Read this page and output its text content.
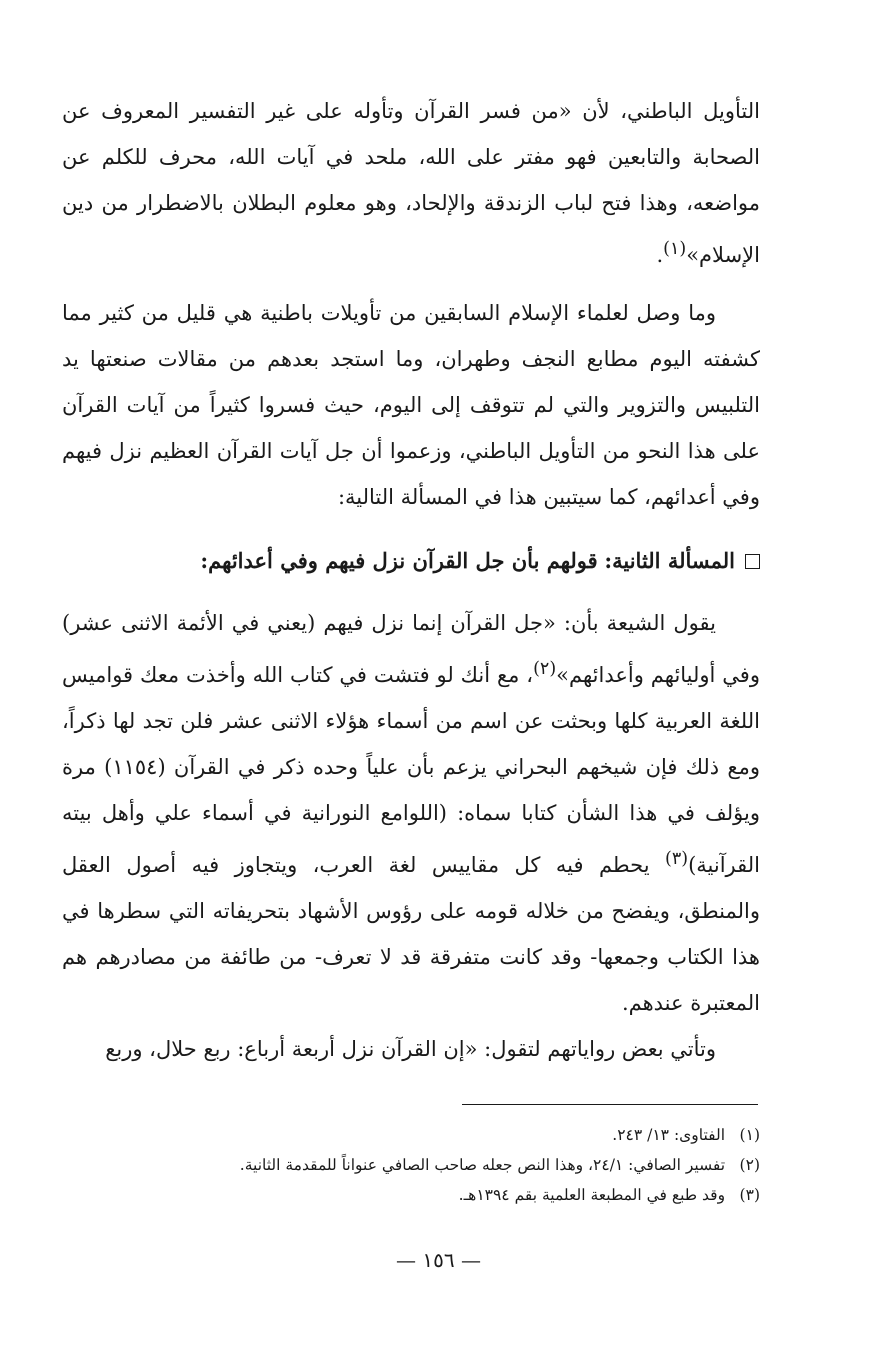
التأويل الباطني، لأن «من فسر القرآن وتأوله على غير التفسير المعروف عن الصحابة والتابعين فهو مفتر على الله، ملحد في آيات الله، محرف للكلم عن مواضعه، وهذا فتح لباب الزندقة والإلحاد، وهو معلوم البطلان بالاضطرار من دين الإسلام»$^{(١)}$.

وما وصل لعلماء الإسلام السابقين من تأويلات باطنية هي قليل من كثير مما كشفته اليوم مطابع النجف وطهران، وما استجد بعدهم من مقالات صنعتها يد التلبيس والتزوير والتي لم تتوقف إلى اليوم، حيث فسروا كثيراً من آيات القرآن على هذا النحو من التأويل الباطني، وزعموا أن جل آيات القرآن العظيم نزل فيهم وفي أعدائهم، كما سيتبين هذا في المسألة التالية:

المسألة الثانية: قولهم بأن جل القرآن نزل فيهم وفي أعدائهم:

يقول الشيعة بأن: «جل القرآن إنما نزل فيهم (يعني في الأئمة الاثنى عشر) وفي أوليائهم وأعدائهم»$^{(٢)}$، مع أنك لو فتشت في كتاب الله وأخذت معك قواميس اللغة العربية كلها وبحثت عن اسم من أسماء هؤلاء الاثنى عشر فلن تجد لها ذكراً، ومع ذلك فإن شيخهم البحراني يزعم بأن علياً وحده ذكر في القرآن (١١٥٤) مرة ويؤلف في هذا الشأن كتابا سماه: (اللوامع النورانية في أسماء علي وأهل بيته القرآنية)$^{(٣)}$ يحطم فيه كل مقاييس لغة العرب، ويتجاوز فيه أصول العقل والمنطق، ويفضح من خلاله قومه على رؤوس الأشهاد بتحريفاته التي سطرها في هذا الكتاب وجمعها- وقد كانت متفرقة قد لا تعرف- من طائفة من مصادرهم هم المعتبرة عندهم.

وتأتي بعض رواياتهم لتقول: «إن القرآن نزل أربعة أرباع: ربع حلال، وربع

(١) الفتاوى: ١٣/ ٢٤٣.
(٢) تفسير الصافي: ٢٤/١، وهذا النص جعله صاحب الصافي عنواناً للمقدمة الثانية.
(٣) وقد طبع في المطبعة العلمية بقم ١٣٩٤هـ.
— ١٥٦ —
